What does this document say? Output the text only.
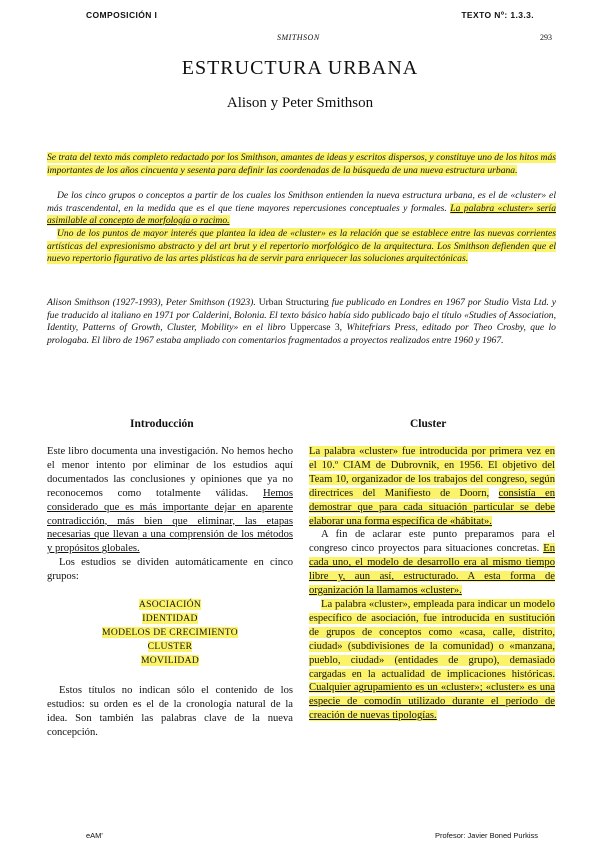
COMPOSICIÓN I	TEXTO Nº: 1.3.3.
SMITHSON	293
ESTRUCTURA URBANA
Alison y Peter Smithson

Se trata del texto más completo redactado por los Smithson, amantes de ideas y escritos dispersos, y constituye uno de los hitos más importantes de los años cincuenta y sesenta para definir las coordenadas de la búsqueda de una nueva estructura urbana.

De los cinco grupos o conceptos a partir de los cuales los Smithson entienden la nueva estructura urbana, es el de «cluster» el más trascendental, en la medida que es el que tiene mayores repercusiones conceptuales y formales. La palabra «cluster» sería asimilable al concepto de morfología o racimo.

Uno de los puntos de mayor interés que plantea la idea de «cluster» es la relación que se establece entre las nuevas corrientes artísticas del expresionismo abstracto y del art brut y el repertorio morfológico de la arquitectura. Los Smithson defienden que el nuevo repertorio figurativo de las artes plásticas ha de servir para enriquecer las soluciones arquitectónicas.

Alison Smithson (1927-1993), Peter Smithson (1923). Urban Structuring fue publicado en Londres en 1967 por Studio Vista Ltd. y fue traducido al italiano en 1971 por Calderini, Bolonia. El texto básico había sido publicado bajo el título «Studies of Association, Identity, Patterns of Growth, Cluster, Mobility» en el libro Uppercase 3, Whitefriars Press, editado por Theo Crosby, que lo prologaba. El libro de 1967 estaba ampliado con comentarios fragmentados a proyectos realizados entre 1960 y 1967.

Introducción	Cluster

Este libro documenta una investigación. No hemos hecho el menor intento por eliminar de los estudios aquí documentados las conclusiones y opiniones que ya no reconocemos como totalmente válidas. Hemos considerado que es más importante dejar en aparente contradicción, más bien que eliminar, las etapas necesarias que llevan a una comprensión de los métodos y propósitos globales.

Los estudios se dividen automáticamente en cinco grupos:

ASOCIACIÓN
IDENTIDAD
MODELOS DE CRECIMIENTO
CLUSTER
MOVILIDAD

Estos títulos no indican sólo el contenido de los estudios: su orden es el de la cronología natural de la idea. Son también las palabras clave de la nueva concepción.

La palabra «cluster» fue introducida por primera vez en el 10.º CIAM de Dubrovnik, en 1956. El objetivo del Team 10, organizador de los trabajos del congreso, según directrices del Manifiesto de Doorn, consistía en demostrar que para cada situación particular se debe elaborar una forma específica de «hábitat».

A fin de aclarar este punto preparamos para el congreso cinco proyectos para situaciones concretas. En cada uno, el modelo de desarrollo era al mismo tiempo libre y, aun así, estructurado. A esta forma de organización la llamamos «cluster».

La palabra «cluster», empleada para indicar un modelo específico de asociación, fue introducida en sustitución de grupos de conceptos como «casa, calle, distrito, ciudad» (subdivisiones de la comunidad) o «manzana, pueblo, ciudad» (entidades de grupo), demasiado cargadas en la actualidad de implicaciones históricas. Cualquier agrupamiento es un «cluster»; «cluster» es una especie de comodín utilizado durante el período de creación de nuevas tipologías.

eAM'	Profesor: Javier Boned Purkiss
